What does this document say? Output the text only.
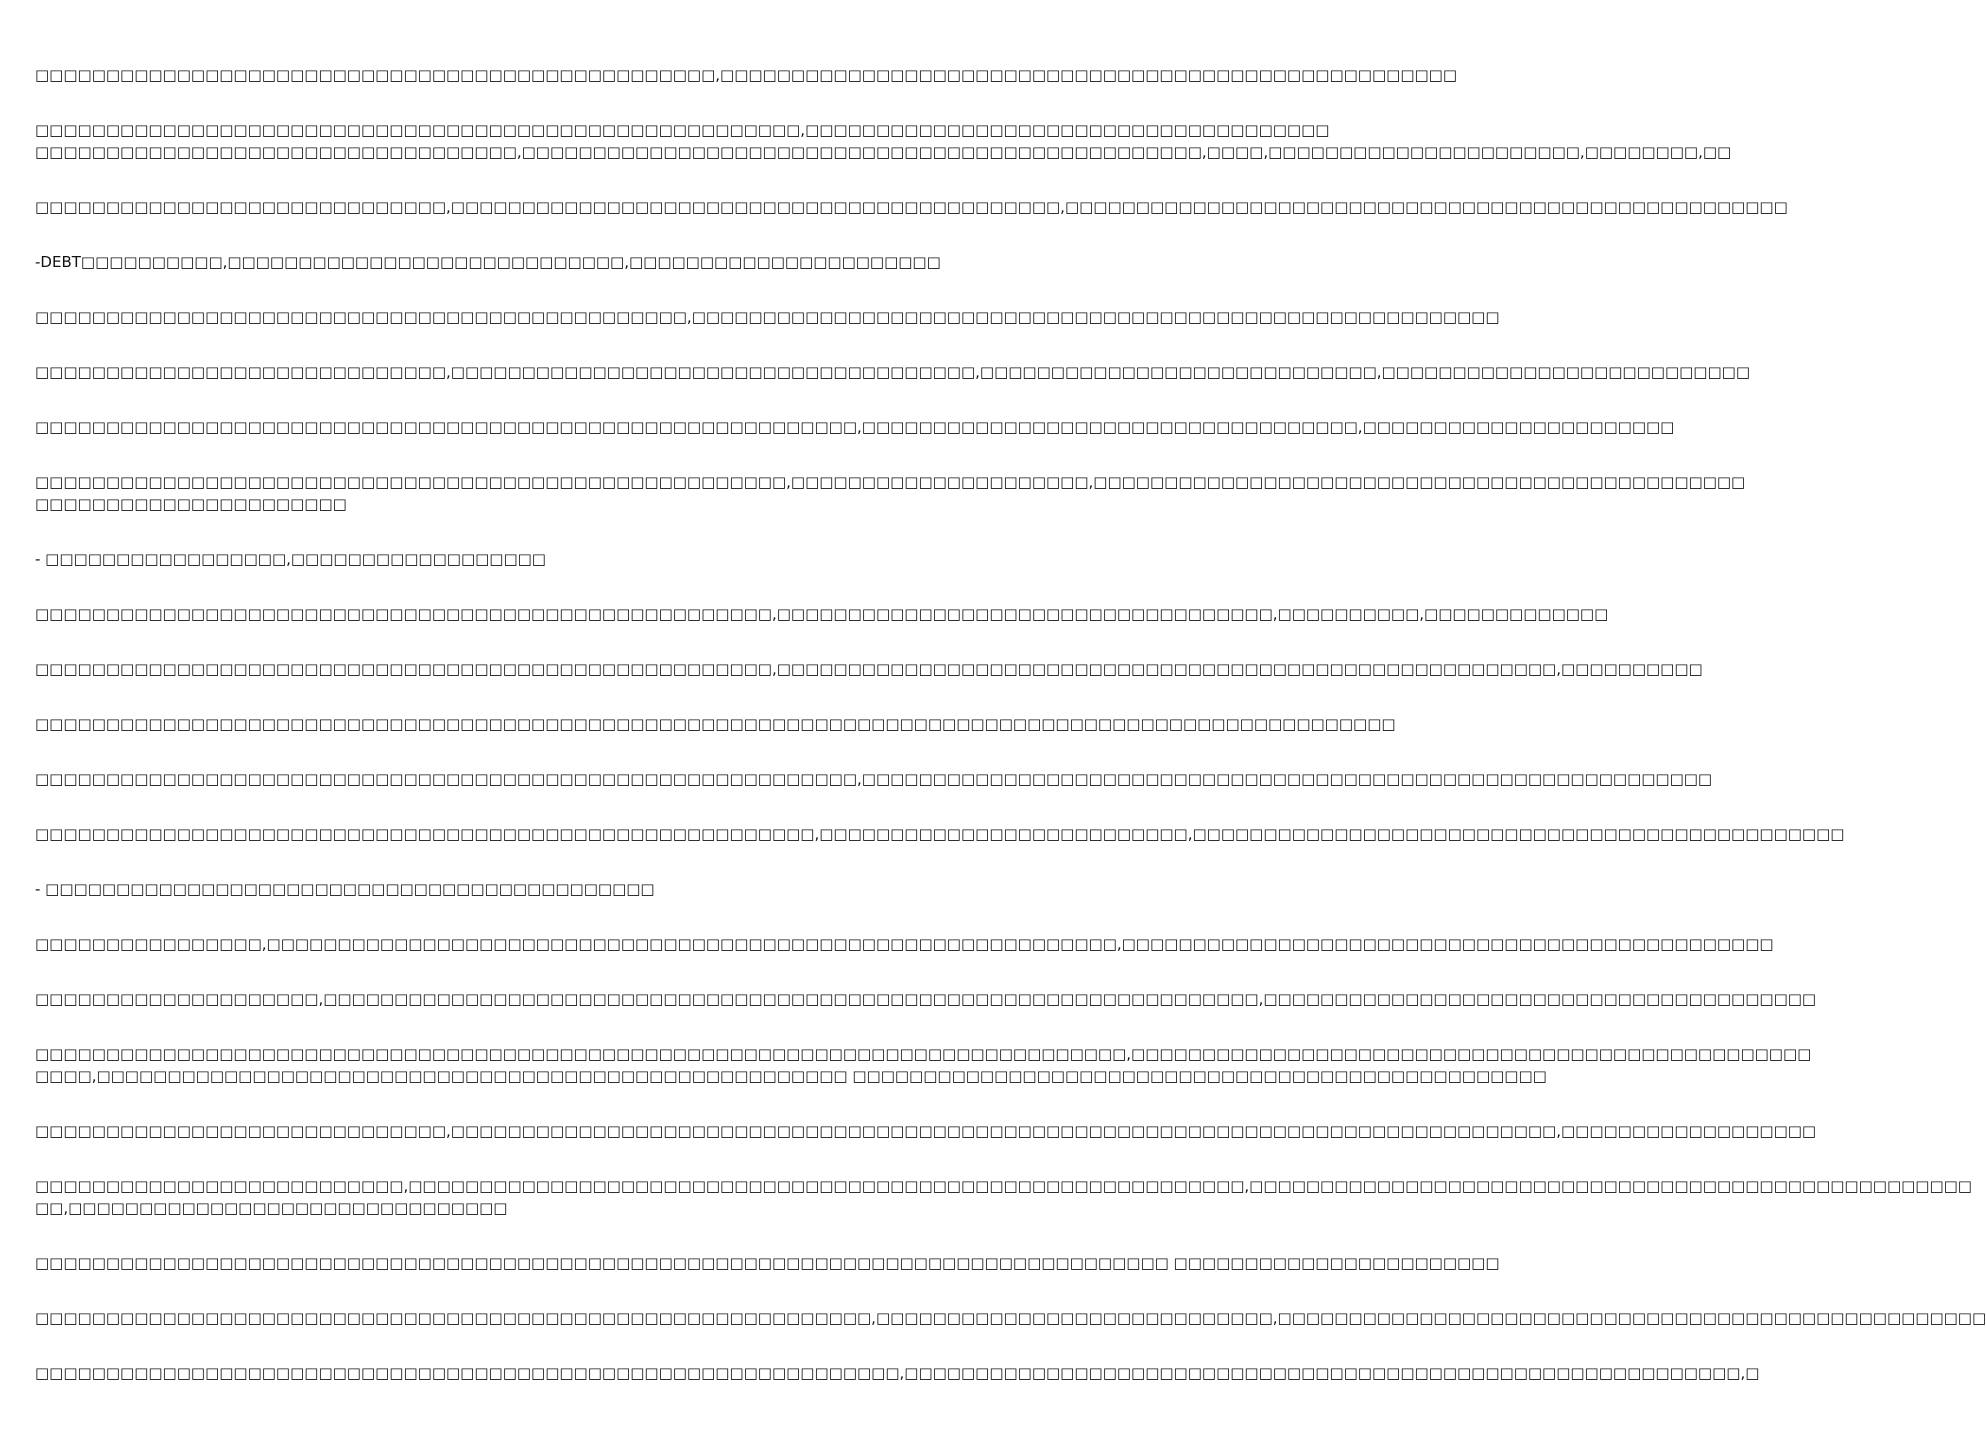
□□□□□□□□□□□□□□□□□□□□□□□□□□□□□□□□□□□□□□□□□□□□□□□□,□□□□□□□□□□□□□□□□□□□□□□□□□□□□□□□□□□□□□□□□□□□□□□□□□□□□
□□□□□□□□□□□□□□□□□□□□□□□□□□□□□□□□□□□□□□□□□□□□□□□□□□□□□□,□□□□□□□□□□□□□□□□□□□□□□□□□□□□□□□□□□□□□
□□□□□□□□□□□□□□□□□□□□□□□□□□□□□□□□□□,□□□□□□□□□□□□□□□□□□□□□□□□□□□□□□□□□□□□□□□□□□□□□□□□,□□□□,□□□□□□□□□□□□□□□□□□□□□□,□□□□□□□□,□□
□□□□□□□□□□□□□□□□□□□□□□□□□□□□□,□□□□□□□□□□□□□□□□□□□□□□□□□□□□□□□□□□□□□□□□□□□,□□□□□□□□□□□□□□□□□□□□□□□□□□□□□□□□□□□□□□□□□□□□□□□□□□□
-DEBT□□□□□□□□□□,□□□□□□□□□□□□□□□□□□□□□□□□□□□□,□□□□□□□□□□□□□□□□□□□□□□
□□□□□□□□□□□□□□□□□□□□□□□□□□□□□□□□□□□□□□□□□□□□□□,□□□□□□□□□□□□□□□□□□□□□□□□□□□□□□□□□□□□□□□□□□□□□□□□□□□□□□□□□
□□□□□□□□□□□□□□□□□□□□□□□□□□□□□,□□□□□□□□□□□□□□□□□□□□□□□□□□□□□□□□□□□□□,□□□□□□□□□□□□□□□□□□□□□□□□□□□□,□□□□□□□□□□□□□□□□□□□□□□□□□□
□□□□□□□□□□□□□□□□□□□□□□□□□□□□□□□□□□□□□□□□□□□□□□□□□□□□□□□□□□,□□□□□□□□□□□□□□□□□□□□□□□□□□□□□□□□□□□,□□□□□□□□□□□□□□□□□□□□□□
□□□□□□□□□□□□□□□□□□□□□□□□□□□□□□□□□□□□□□□□□□□□□□□□□□□□□,□□□□□□□□□□□□□□□□□□□□□,□□□□□□□□□□□□□□□□□□□□□□□□□□□□□□□□□□□□□□□□□□□□□□
□□□□□□□□□□□□□□□□□□□□□□
- □□□□□□□□□□□□□□□□□,□□□□□□□□□□□□□□□□□□
□□□□□□□□□□□□□□□□□□□□□□□□□□□□□□□□□□□□□□□□□□□□□□□□□□□□,□□□□□□□□□□□□□□□□□□□□□□□□□□□□□□□□□□□,□□□□□□□□□□,□□□□□□□□□□□□□
□□□□□□□□□□□□□□□□□□□□□□□□□□□□□□□□□□□□□□□□□□□□□□□□□□□□,□□□□□□□□□□□□□□□□□□□□□□□□□□□□□□□□□□□□□□□□□□□□□□□□□□□□□□□,□□□□□□□□□□
□□□□□□□□□□□□□□□□□□□□□□□□□□□□□□□□□□□□□□□□□□□□□□□□□□□□□□□□□□□□□□□□□□□□□□□□□□□□□□□□□□□□□□□□□□□□□□□□
□□□□□□□□□□□□□□□□□□□□□□□□□□□□□□□□□□□□□□□□□□□□□□□□□□□□□□□□□□,□□□□□□□□□□□□□□□□□□□□□□□□□□□□□□□□□□□□□□□□□□□□□□□□□□□□□□□□□□□□
□□□□□□□□□□□□□□□□□□□□□□□□□□□□□□□□□□□□□□□□□□□□□□□□□□□□□□□,□□□□□□□□□□□□□□□□□□□□□□□□□□,□□□□□□□□□□□□□□□□□□□□□□□□□□□□□□□□□□□□□□□□□□□□□□
- □□□□□□□□□□□□□□□□□□□□□□□□□□□□□□□□□□□□□□□□□□□
□□□□□□□□□□□□□□□□,□□□□□□□□□□□□□□□□□□□□□□□□□□□□□□□□□□□□□□□□□□□□□□□□□□□□□□□□□□□□,□□□□□□□□□□□□□□□□□□□□□□□□□□□□□□□□□□□□□□□□□□□□□□
□□□□□□□□□□□□□□□□□□□□,□□□□□□□□□□□□□□□□□□□□□□□□□□□□□□□□□□□□□□□□□□□□□□□□□□□□□□□□□□□□□□□□□□,□□□□□□□□□□□□□□□□□□□□□□□□□□□□□□□□□□□□□□□
□□□□□□□□□□□□□□□□□□□□□□□□□□□□□□□□□□□□□□□□□□□□□□□□□□□□□□□□□□□□□□□□□□□□□□□□□□□□□,□□□□□□□□□□□□□□□□□□□□□□□□□□□□□□□□□□□□□□□□□□□□□□□□
□□□□,□□□□□□□□□□□□□□□□□□□□□□□□□□□□□□□□□□□□□□□□□□□□□□□□□□□□□ □□□□□□□□□□□□□□□□□□□□□□□□□□□□□□□□□□□□□□□□□□□□□□□□□
□□□□□□□□□□□□□□□□□□□□□□□□□□□□□,□□□□□□□□□□□□□□□□□□□□□□□□□□□□□□□□□□□□□□□□□□□□□□□□□□□□□□□□□□□□□□□□□□□□□□□□□□□□□□,□□□□□□□□□□□□□□□□□□
□□□□□□□□□□□□□□□□□□□□□□□□□□,□□□□□□□□□□□□□□□□□□□□□□□□□□□□□□□□□□□□□□□□□□□□□□□□□□□□□□□□□□□,□□□□□□□□□□□□□□□□□□□□□□□□□□□□□□□□□□□□□□□□□□□□□□□□□□□
□□,□□□□□□□□□□□□□□□□□□□□□□□□□□□□□□□
□□□□□□□□□□□□□□□□□□□□□□□□□□□□□□□□□□□□□□□□□□□□□□□□□□□□□□□□□□□□□□□□□□□□□□□□□□□□□□□□ □□□□□□□□□□□□□□□□□□□□□□□
□□□□□□□□□□□□□□□□□□□□□□□□□□□□□□□□□□□□□□□□□□□□□□□□□□□□□□□□□□□,□□□□□□□□□□□□□□□□□□□□□□□□□□□□,□□□□□□□□□□□□□□□□□□□□□□□□□□□□□□□□□□□□□□□□□□□□□□□□□□
□□□□□□□□□□□□□□□□□□□□□□□□□□□□□□□□□□□□□□□□□□□□□□□□□□□□□□□□□□□□□,□□□□□□□□□□□□□□□□□□□□□□□□□□□□□□□□□□□□□□□□□□□□□□□□□□□□□□□□□□□,□
